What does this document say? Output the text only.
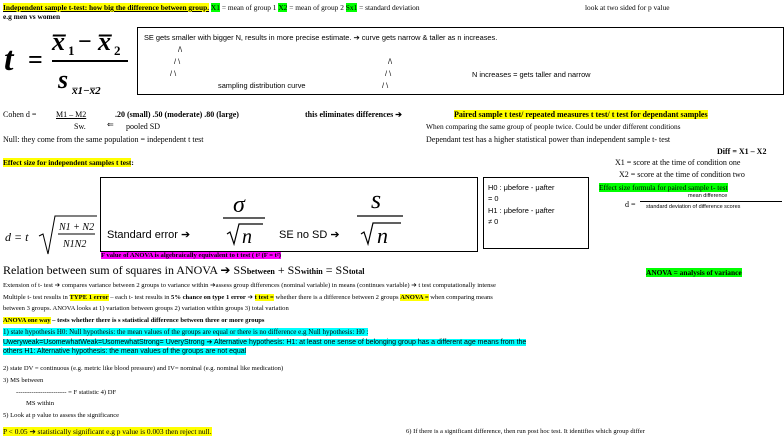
Independent sample t-test: how big the difference between group. X1 = mean of group 1 X2 = mean of group 2 Sx1 = standard deviation	look at two sided for p value
e.g men vs women
t =
x̅ 1 − x̅ 2
s x̅1−x̅2
SE gets smaller with bigger N, results in more precise estimate. ➔ curve gets narrow & taller as n increases.
/\
/ \
/ \
/\
/ \
/ \
sampling distribution curve
N increases = gets taller and narrow
Cohen d = M1 – M2
Sw.	⇐ pooled SD
.20 (small) .50 (moderate) .80 (large)	this eliminates differences ➔	Paired sample t test/ repeated measures t test/ t test for dependant samples
When comparing the same group of people twice. Could be under different conditions
Null: they come from the same population = independent t test	Dependant test has a higher statistical power than independent sample t- test
Diff = X1 – X2
Effect size for independent samples t test:	X1 = score at the time of condition one
X2 = score at the time of condition two
Effect size formula for paired sample t- test
d =
mean difference
standard deviation of difference scores
d = t
N1 + N2
N1N2
Standard error ➔
σ
n SE no SD ➔
s
n
H0 : μbefore - μafter
= 0
H1 : μbefore - μafter
≠ 0
F value of ANOVA is algebraically equivalent to t test ( t² (F = t²)
Relation between sum of squares in ANOVA ➔ SSbetween + SSwithin = SStotal	ANOVA = analysis of variance
Extension of t- test ➔ compares variance between 2 groups to variance within ➔assess group differences (nominal variable) in means (continues variable) ➔ t test computationally intense
Multiple t- test results in TYPE 1 error – each t- test results in 5% chance on type 1 error ➔ t test = whether there is a difference between 2 groups ANOVA = when comparing means
between 3 groups. ANOVA looks at 1) variation between groups 2) variation within groups 3) total variation
ANOVA one way – tests whether there is s statistical difference between three or more groups
1) state hypothesis H0: Null hypothesis: the mean values of the groups are equal or there is no difference e.g Null hypothesis: H0 :
Uweryweak=UsomewhatWeak=UsomewhatStrong= UveryStrong ➔ Alternative hypothesis: H1: at least one sense of belonging group has a different age means from the
others H1: Alternative hypothesis: the mean values of the groups are not equal
2) state DV = continuous (e.g. metric like blood pressure) and IV= nominal (e.g. nominal like medication)
3) MS between
----------------------- = F statistic 4) DF
MS within
5) Look at p value to assess the significance
P < 0.05 ➔ statistically significant e.g p value is 0.003 then reject null.	6) If there is a significant difference, then run post hoc test. It identifies which group differ
